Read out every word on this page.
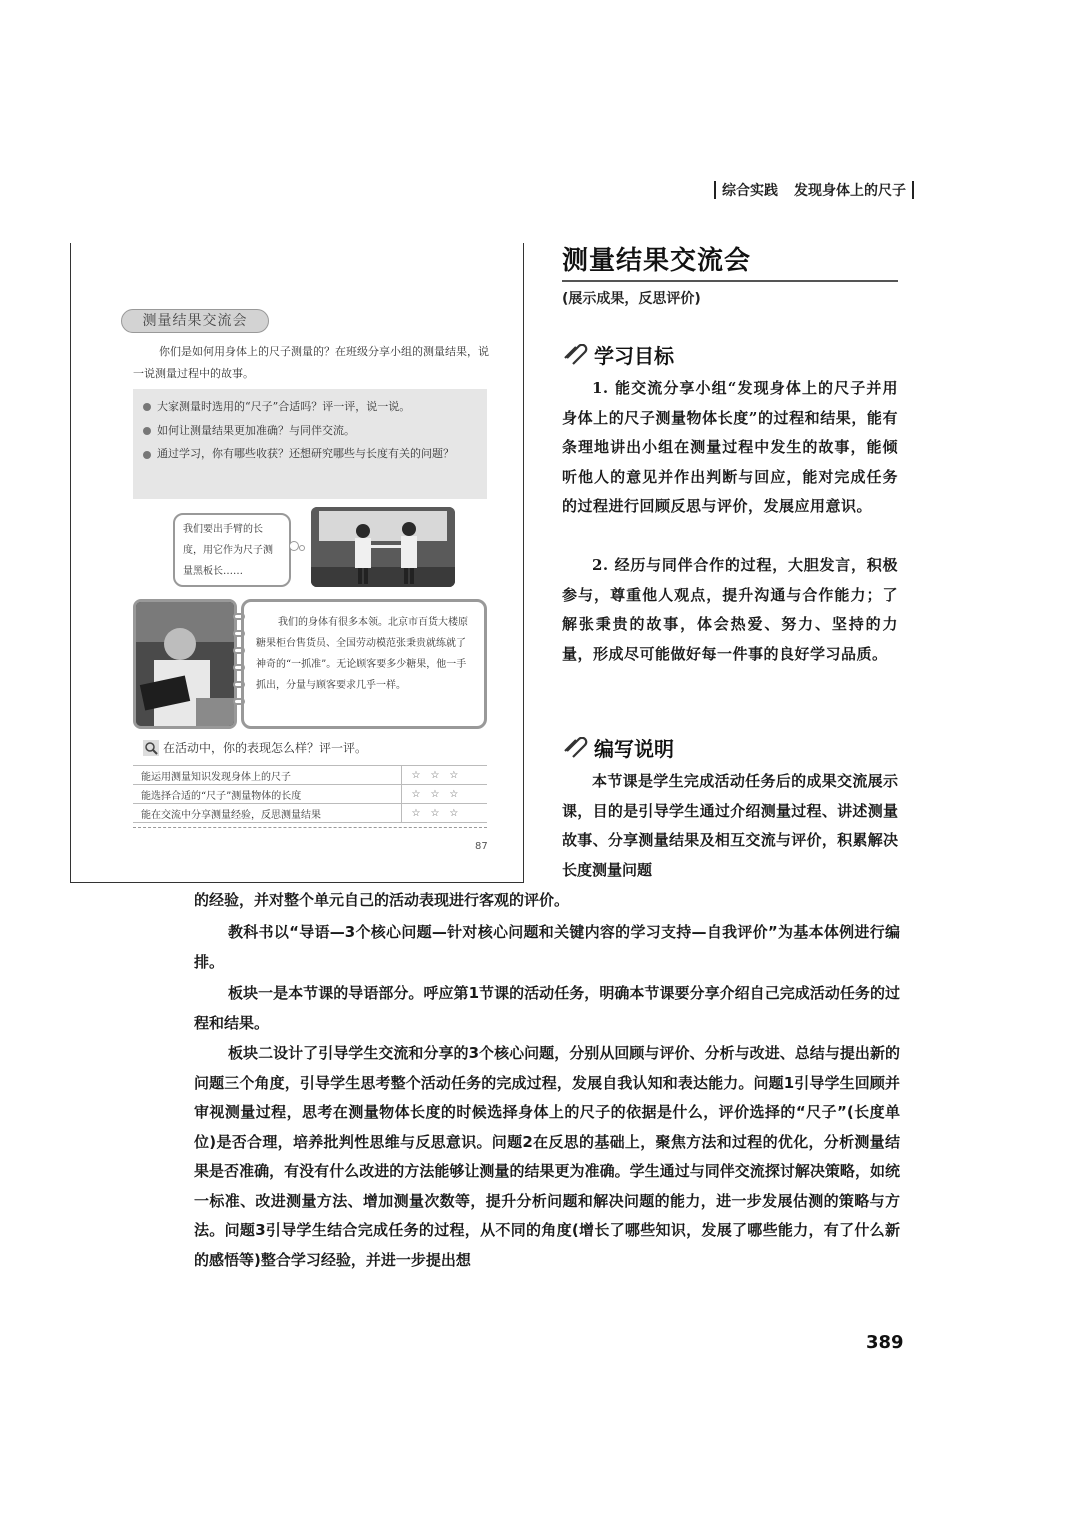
综合实践 发现身体上的尺子
测量结果交流会
你们是如何用身体上的尺子测量的？在班级分享小组的测量结果，说一说测量过程中的故事。
大家测量时选用的“尺子”合适吗？评一评，说一说。
如何让测量结果更加准确？与同伴交流。
通过学习，你有哪些收获？还想研究哪些与长度有关的问题？
我们要出手臂的长度，用它作为尺子测量黑板长……
我们的身体有很多本领。北京市百货大楼原糖果柜台售货员、全国劳动模范张秉贵就练就了神奇的“一抓准”。无论顾客要多少糖果，他一手抓出，分量与顾客要求几乎一样。
在活动中，你的表现怎么样？评一评。
能运用测量知识发现身体上的尺子	☆☆☆
能选择合适的“尺子”测量物体的长度	☆☆☆
能在交流中分享测量经验，反思测量结果	☆☆☆
87
测量结果交流会
(展示成果，反思评价)
学习目标
1. 能交流分享小组“发现身体上的尺子并用身体上的尺子测量物体长度”的过程和结果，能有条理地讲出小组在测量过程中发生的故事，能倾听他人的意见并作出判断与回应，能对完成任务的过程进行回顾反思与评价，发展应用意识。
2. 经历与同伴合作的过程，大胆发言，积极参与，尊重他人观点，提升沟通与合作能力；了解张秉贵的故事，体会热爱、努力、坚持的力量，形成尽可能做好每一件事的良好学习品质。
编写说明
本节课是学生完成活动任务后的成果交流展示课，目的是引导学生通过介绍测量过程、讲述测量故事、分享测量结果及相互交流与评价，积累解决长度测量问题
的经验，并对整个单元自己的活动表现进行客观的评价。
教科书以“导语—3个核心问题—针对核心问题和关键内容的学习支持—自我评价”为基本体例进行编排。
板块一是本节课的导语部分。呼应第1节课的活动任务，明确本节课要分享介绍自己完成活动任务的过程和结果。
板块二设计了引导学生交流和分享的3个核心问题，分别从回顾与评价、分析与改进、总结与提出新的问题三个角度，引导学生思考整个活动任务的完成过程，发展自我认知和表达能力。问题1引导学生回顾并审视测量过程，思考在测量物体长度的时候选择身体上的尺子的依据是什么，评价选择的“尺子”(长度单位)是否合理，培养批判性思维与反思意识。问题2在反思的基础上，聚焦方法和过程的优化，分析测量结果是否准确，有没有什么改进的方法能够让测量的结果更为准确。学生通过与同伴交流探讨解决策略，如统一标准、改进测量方法、增加测量次数等，提升分析问题和解决问题的能力，进一步发展估测的策略与方法。问题3引导学生结合完成任务的过程，从不同的角度(增长了哪些知识，发展了哪些能力，有了什么新的感悟等)整合学习经验，并进一步提出想
389
